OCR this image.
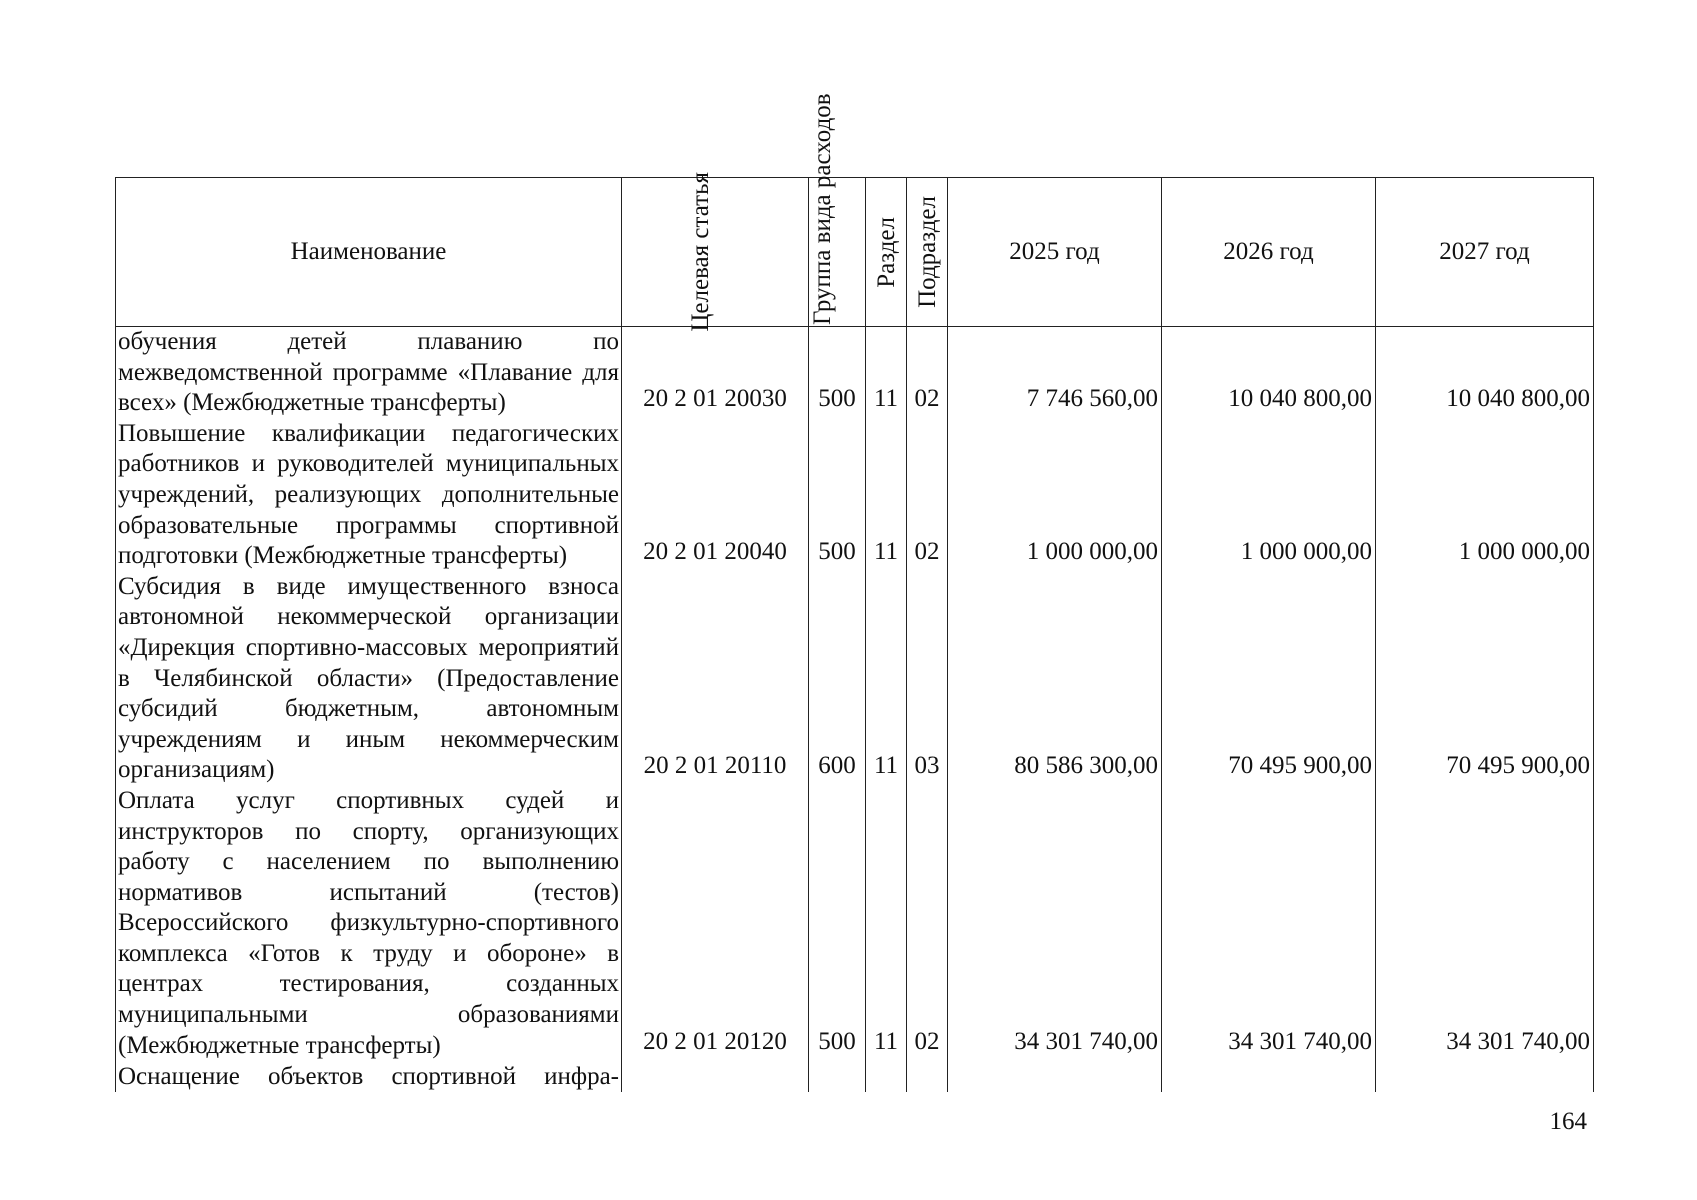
Наименование	Целевая статья	Группа вида расходов	Раздел	Подраздел	2025 год	2026 год	2027 год
обучения детей плаванию по межведомственной программе «Плавание для всех» (Межбюджетные трансферты)	20 2 01 20030	500	11	02	7 746 560,00	10 040 800,00	10 040 800,00
Повышение квалификации педагогических работников и руководителей муниципальных учреждений, реализующих дополнительные образовательные программы спортивной подготовки (Межбюджетные трансферты)	20 2 01 20040	500	11	02	1 000 000,00	1 000 000,00	1 000 000,00
Субсидия в виде имущественного взноса автономной некоммерческой организации «Дирекция спортивно-массовых мероприятий в Челябинской области» (Предоставление субсидий бюджетным, автономным учреждениям и иным некоммерческим организациям)	20 2 01 20110	600	11	03	80 586 300,00	70 495 900,00	70 495 900,00
Оплата услуг спортивных судей и инструкторов по спорту, организующих работу с населением по выполнению нормативов испытаний (тестов) Всероссийского физкультурно-спортивного комплекса «Готов к труду и обороне» в центрах тестирования, созданных муниципальными образованиями (Межбюджетные трансферты)	20 2 01 20120	500	11	02	34 301 740,00	34 301 740,00	34 301 740,00
Оснащение объектов спортивной инфра-							
164
